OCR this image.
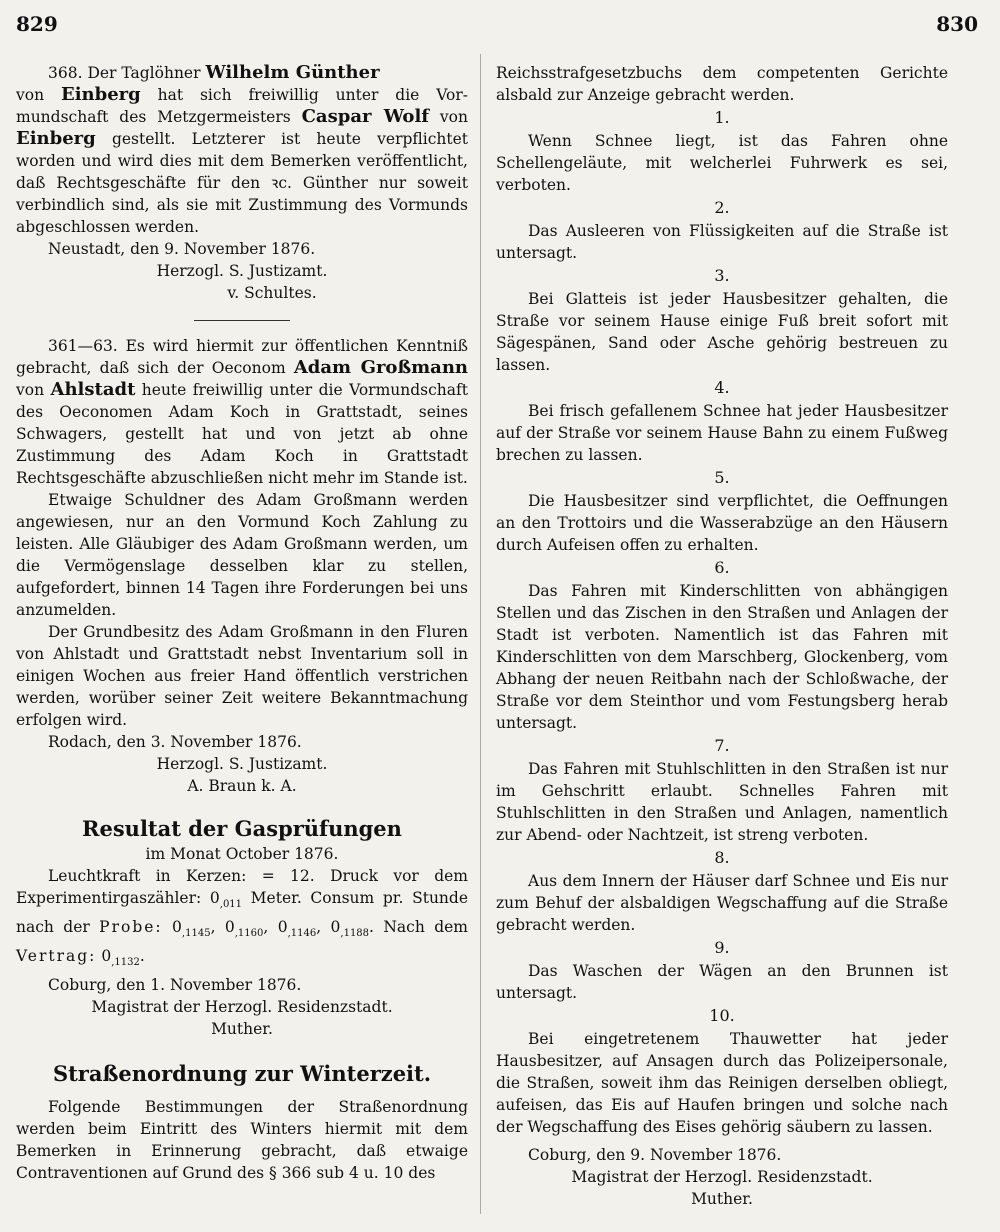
829	830

368. Der Taglöhner Wilhelm Günther
von Einberg hat sich freiwillig unter die Vor- mundschaft des Metzgermeisters Caspar Wolf von Einberg gestellt. Letzterer ist heute verpflichtet worden und wird dies mit dem Bemerken veröffentlicht, daß Rechtsgeschäfte für den ꝛc. Günther nur soweit verbindlich sind, als sie mit Zustimmung des Vormunds abgeschlossen werden.

Neustadt, den 9. November 1876.

Herzogl. S. Justizamt.

v. Schultes.

361—63. Es wird hiermit zur öffentlichen Kenntniß gebracht, daß sich der Oeconom Adam Großmann von Ahlstadt heute freiwillig unter die Vormundschaft des Oeconomen Adam Koch in Grattstadt, seines Schwagers, gestellt hat und von jetzt ab ohne Zustimmung des Adam Koch in Grattstadt Rechtsgeschäfte abzuschließen nicht mehr im Stande ist.

Etwaige Schuldner des Adam Großmann werden angewiesen, nur an den Vormund Koch Zahlung zu leisten. Alle Gläubiger des Adam Großmann werden, um die Vermögenslage desselben klar zu stellen, aufgefordert, binnen 14 Tagen ihre Forderungen bei uns anzumelden.

Der Grundbesitz des Adam Großmann in den Fluren von Ahlstadt und Grattstadt nebst Inventarium soll in einigen Wochen aus freier Hand öffentlich verstrichen werden, worüber seiner Zeit weitere Bekanntmachung erfolgen wird.

Rodach, den 3. November 1876.

Herzogl. S. Justizamt.

A. Braun k. A.

Resultat der Gasprüfungen

im Monat October 1876.

Leuchtkraft in Kerzen: = 12. Druck vor dem Experimentirgaszähler: $0_{,011}$ Meter. Consum pr. Stunde nach der Probe: $0_{,1145}$, $0_{,1160}$, $0_{,1146}$, $0_{,1188}$. Nach dem Vertrag: $0_{,1132}$.

Coburg, den 1. November 1876.

Magistrat der Herzogl. Residenzstadt.

Muther.

Straßenordnung zur Winterzeit.

Folgende Bestimmungen der Straßenordnung werden beim Eintritt des Winters hiermit mit dem Bemerken in Erinnerung gebracht, daß etwaige Contraventionen auf Grund des § 366 sub 4 u. 10 des

Reichsstrafgesetzbuchs dem competenten Gerichte alsbald zur Anzeige gebracht werden.

1.

Wenn Schnee liegt, ist das Fahren ohne Schellengeläute, mit welcherlei Fuhrwerk es sei, verboten.

2.

Das Ausleeren von Flüssigkeiten auf die Straße ist untersagt.

3.

Bei Glatteis ist jeder Hausbesitzer gehalten, die Straße vor seinem Hause einige Fuß breit sofort mit Sägespänen, Sand oder Asche gehörig bestreuen zu lassen.

4.

Bei frisch gefallenem Schnee hat jeder Hausbesitzer auf der Straße vor seinem Hause Bahn zu einem Fußweg brechen zu lassen.

5.

Die Hausbesitzer sind verpflichtet, die Oeffnungen an den Trottoirs und die Wasserabzüge an den Häusern durch Aufeisen offen zu erhalten.

6.

Das Fahren mit Kinderschlitten von abhängigen Stellen und das Zischen in den Straßen und Anlagen der Stadt ist verboten. Namentlich ist das Fahren mit Kinderschlitten von dem Marschberg, Glockenberg, vom Abhang der neuen Reitbahn nach der Schloßwache, der Straße vor dem Steinthor und vom Festungsberg herab untersagt.

7.

Das Fahren mit Stuhlschlitten in den Straßen ist nur im Gehschritt erlaubt. Schnelles Fahren mit Stuhlschlitten in den Straßen und Anlagen, namentlich zur Abend- oder Nachtzeit, ist streng verboten.

8.

Aus dem Innern der Häuser darf Schnee und Eis nur zum Behuf der alsbaldigen Wegschaffung auf die Straße gebracht werden.

9.

Das Waschen der Wägen an den Brunnen ist untersagt.

10.

Bei eingetretenem Thauwetter hat jeder Hausbesitzer, auf Ansagen durch das Polizeipersonale, die Straßen, soweit ihm das Reinigen derselben obliegt, aufeisen, das Eis auf Haufen bringen und solche nach der Wegschaffung des Eises gehörig säubern zu lassen.

Coburg, den 9. November 1876.

Magistrat der Herzogl. Residenzstadt.

Muther.
